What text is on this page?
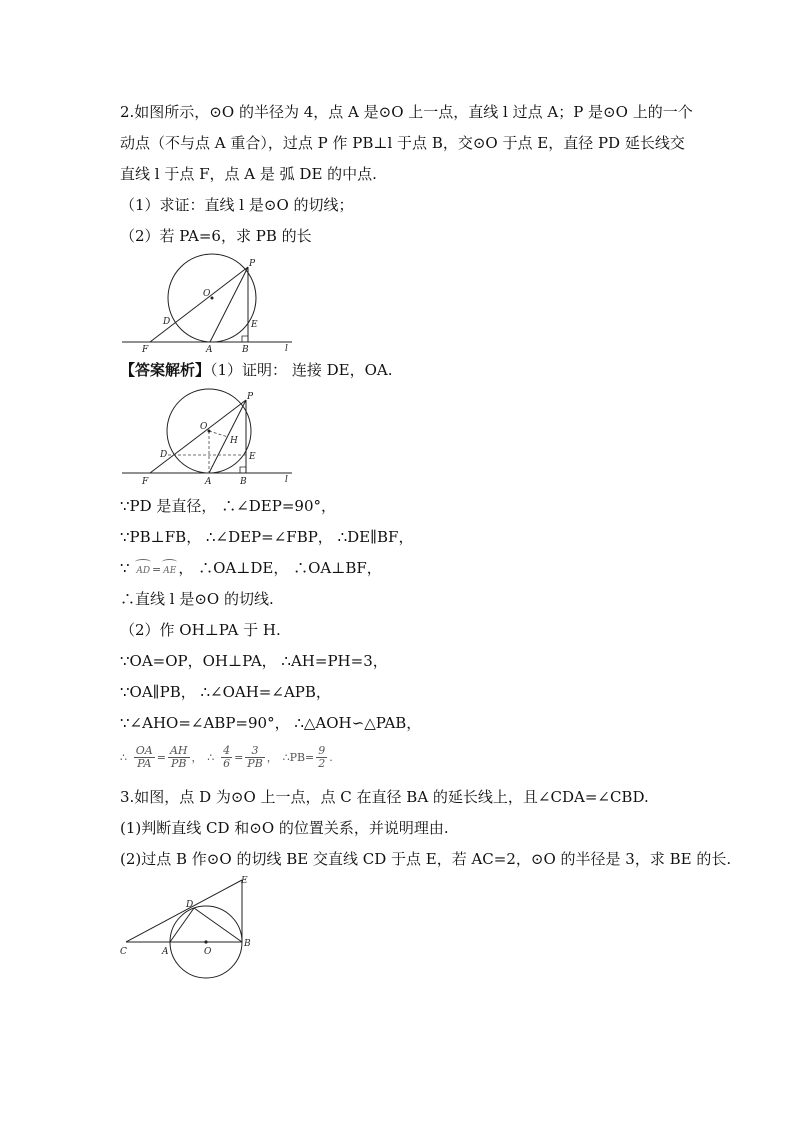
2.如图所示，⊙O 的半径为 4，点 A 是⊙O 上一点，直线 l 过点 A；P 是⊙O 上的一个
动点（不与点 A 重合），过点 P 作 PB⊥l 于点 B，交⊙O 于点 E，直径 PD 延长线交
直线 l 于点 F，点 A 是 弧 DE 的中点.
（1）求证：直线 l 是⊙O 的切线；
（2）若 PA=6，求 PB 的长
P
O
D	E
F	A	B	l
【答案解析】（1）证明： 连接 DE，OA.
P
O
H
D	E
F	A	B	l
∵PD 是直径， ∴∠DEP=90°，
∵PB⊥FB， ∴∠DEP=∠FBP， ∴DE∥BF，
∵ AD = AE ， ∴OA⊥DE， ∴OA⊥BF，
∴直线 l 是⊙O 的切线.
（2）作 OH⊥PA 于 H.
∵OA=OP，OH⊥PA， ∴AH=PH=3，
∵OA∥PB， ∴∠OAH=∠APB，
∵∠AHO=∠ABP=90°， ∴△AOH∽△PAB，
∴ $\frac{OA}{PA} = \frac{AH}{PB}$ ， ∴ $\frac{4}{6} = \frac{3}{PB}$ ， ∴PB= $\frac{9}{2}$ .
3.如图，点 D 为⊙O 上一点，点 C 在直径 BA 的延长线上，且∠CDA=∠CBD.
(1)判断直线 CD 和⊙O 的位置关系，并说明理由.
(2)过点 B 作⊙O 的切线 BE 交直线 CD 于点 E，若 AC=2，⊙O 的半径是 3，求 BE 的长.
E
D
C	A	O
B
